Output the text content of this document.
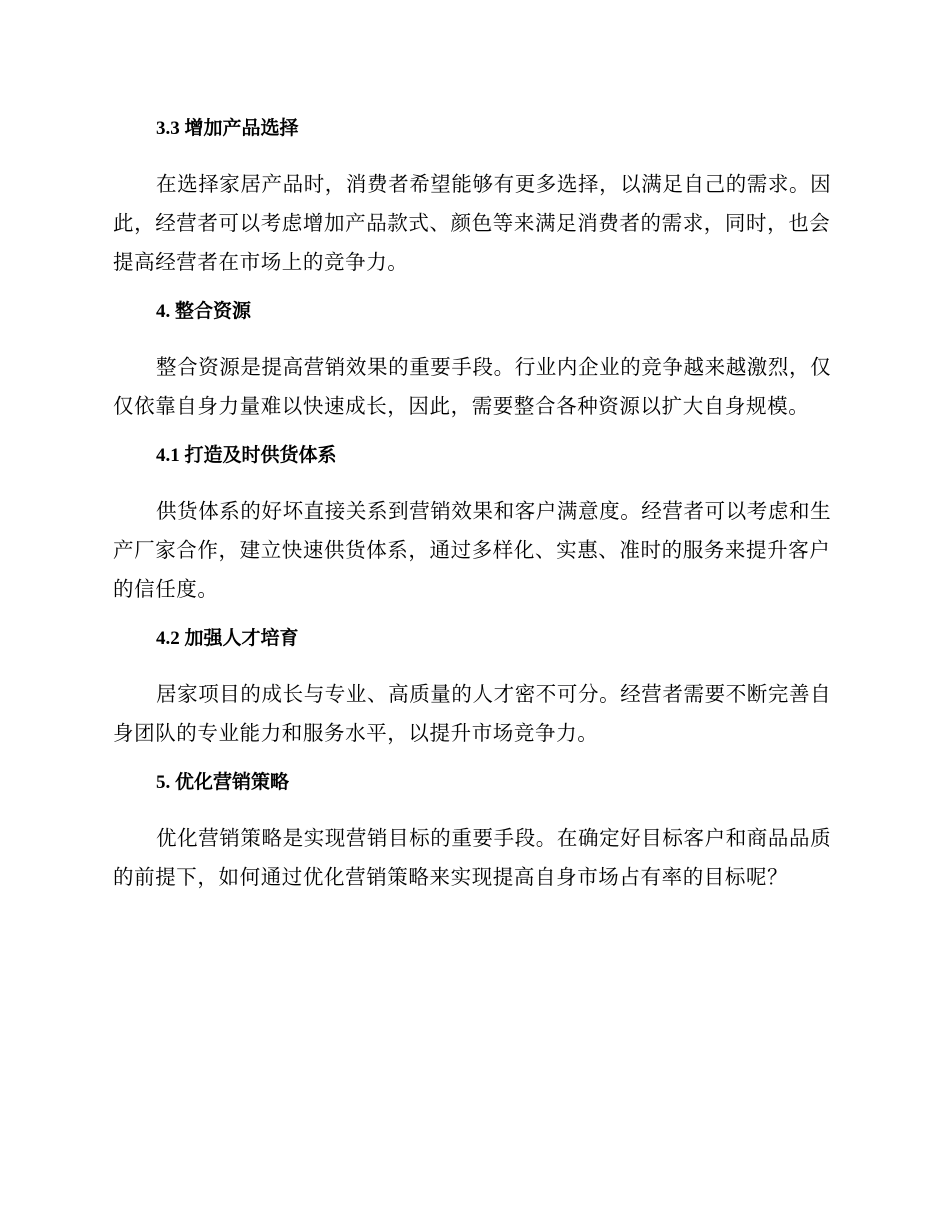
3.3 增加产品选择

在选择家居产品时，消费者希望能够有更多选择，以满足自己的需求。因此，经营者可以考虑增加产品款式、颜色等来满足消费者的需求，同时，也会提高经营者在市场上的竞争力。

4. 整合资源

整合资源是提高营销效果的重要手段。行业内企业的竞争越来越激烈，仅仅依靠自身力量难以快速成长，因此，需要整合各种资源以扩大自身规模。

4.1 打造及时供货体系

供货体系的好坏直接关系到营销效果和客户满意度。经营者可以考虑和生产厂家合作，建立快速供货体系，通过多样化、实惠、准时的服务来提升客户的信任度。

4.2 加强人才培育

居家项目的成长与专业、高质量的人才密不可分。经营者需要不断完善自身团队的专业能力和服务水平，以提升市场竞争力。

5. 优化营销策略

优化营销策略是实现营销目标的重要手段。在确定好目标客户和商品品质的前提下，如何通过优化营销策略来实现提高自身市场占有率的目标呢？
